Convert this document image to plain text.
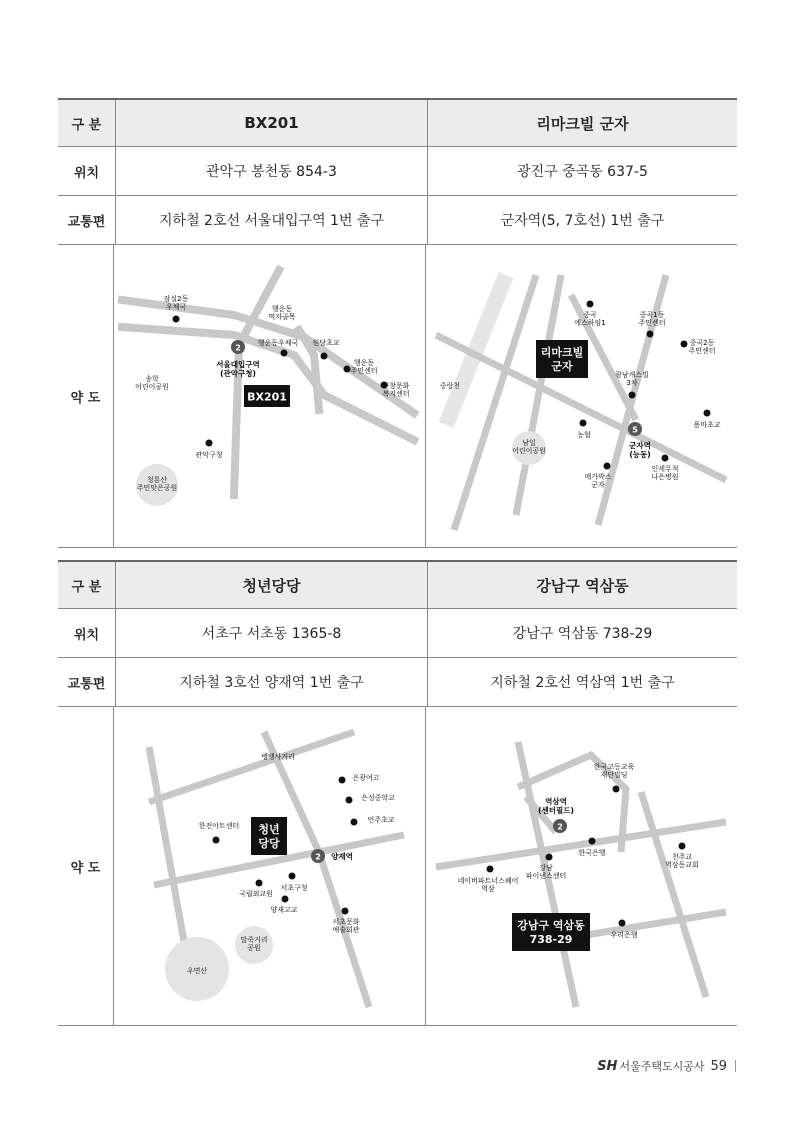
구 분	BX201	리마크빌 군자
위치	관악구 봉천동 854-3	광진구 중곡동 637-5
교통편	지하철 2호선 서울대입구역 1번 출구	군자역(5, 7호선) 1번 출구
약 도
잠실2동 우체국	행운동 먹자골목
행운동우체국 원당초교
행운동 주민센터
신창문화 복지센터
송학 어린이공원
관악구청
청룡산 주민맞은공원
2
서울대입구역 (관악구청)
BX201
남일 어린이공원
중곡 에스하임1
중곡1동 주민센터
중곡2동 주민센터
광남캐스빌 3차
중랑천
농협
용마초교
메가박스 군자
인세무척 나은병원
5
군자역 (능동)
리마크빌 군자
구 분	청년당당	강남구 역삼동
위치	서초구 서초동 1365-8	강남구 역삼동 738-29
교통편	지하철 3호선 양재역 1번 출구	지하철 2호선 역삼역 1번 출구
약 도
우면산
말죽거리 공원
뱅뱅사거리
은광여고
은성중학교
언주초교
한전아트센터
서초구청
국립외교원
양재고교
서초문화 예술회관
2 양재역
청년 당당
한국고등교육 재단빌딩
한국은행
강남 파이낸스센터
네이버파트너스퀘어 역삼
천주교 역삼동교회
우리은행
역삼역 (센터필드)
2
강남구 역삼동 738-29
SH 서울주택도시공사 59
